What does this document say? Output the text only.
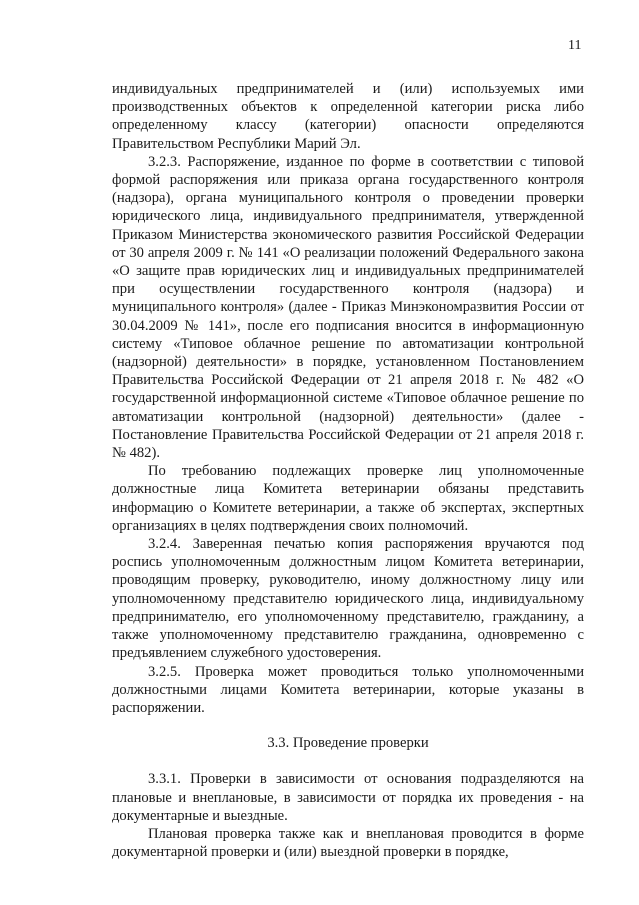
11

индивидуальных предпринимателей и (или) используемых ими производственных объектов к определенной категории риска либо определенному классу (категории) опасности определяются Правительством Республики Марий Эл.

3.2.3. Распоряжение, изданное по форме в соответствии с типовой формой распоряжения или приказа органа государственного контроля (надзора), органа муниципального контроля о проведении проверки юридического лица, индивидуального предпринимателя, утвержденной Приказом Министерства экономического развития Российской Федерации от 30 апреля 2009 г. № 141 «О реализации положений Федерального закона «О защите прав юридических лиц и индивидуальных предпринимателей при осуществлении государственного контроля (надзора) и муниципального контроля» (далее - Приказ Минэкономразвития России от 30.04.2009 № 141», после его подписания вносится в информационную систему «Типовое облачное решение по автоматизации контрольной (надзорной) деятельности» в порядке, установленном Постановлением Правительства Российской Федерации от 21 апреля 2018 г. № 482 «О государственной информационной системе «Типовое облачное решение по автоматизации контрольной (надзорной) деятельности» (далее - Постановление Правительства Российской Федерации от 21 апреля 2018 г. № 482).

По требованию подлежащих проверке лиц уполномоченные должностные лица Комитета ветеринарии обязаны представить информацию о Комитете ветеринарии, а также об экспертах, экспертных организациях в целях подтверждения своих полномочий.

3.2.4. Заверенная печатью копия распоряжения вручаются под роспись уполномоченным должностным лицом Комитета ветеринарии, проводящим проверку, руководителю, иному должностному лицу или уполномоченному представителю юридического лица, индивидуальному предпринимателю, его уполномоченному представителю, гражданину, а также уполномоченному представителю гражданина, одновременно с предъявлением служебного удостоверения.

3.2.5. Проверка может проводиться только уполномоченными должностными лицами Комитета ветеринарии, которые указаны в распоряжении.

3.3. Проведение проверки

3.3.1. Проверки в зависимости от основания подразделяются на плановые и внеплановые, в зависимости от порядка их проведения - на документарные и выездные.

Плановая проверка также как и внеплановая проводится в форме документарной проверки и (или) выездной проверки в порядке,
